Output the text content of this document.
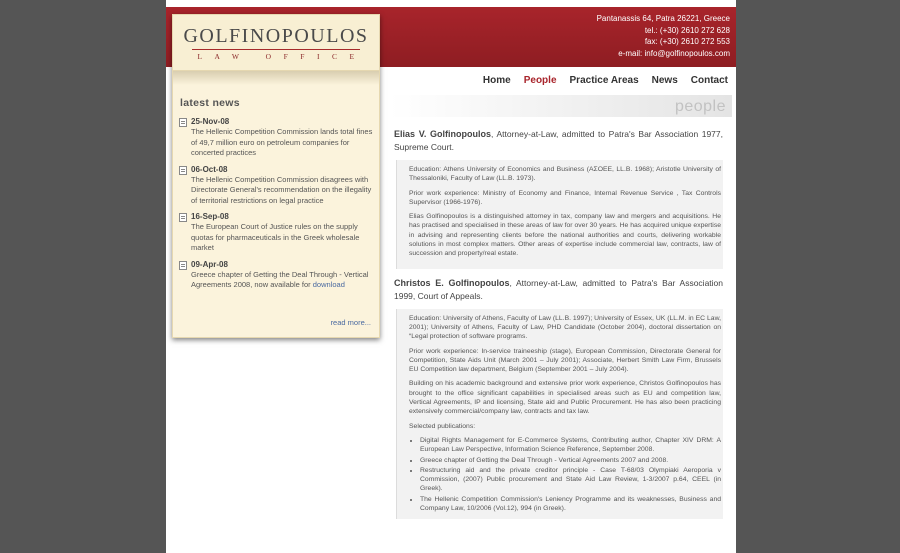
Pantanassis 64, Patra 26221, Greece
tel.: (+30) 2610 272 628
fax: (+30) 2610 272 553
e-mail: info@golfinopoulos.com
GOLFINOPOULOS
LAW OFFICE
latest news
25-Nov-08
The Hellenic Competition Commission lands total fines of 49,7 million euro on petroleum companies for concerted practices
06-Oct-08
The Hellenic Competition Commission disagrees with Directorate General's recommendation on the illegality of territorial restrictions on legal practice
16-Sep-08
The European Court of Justice rules on the supply quotas for pharmaceuticals in the Greek wholesale market
09-Apr-08
Greece chapter of Getting the Deal Through - Vertical Agreements 2008, now available for download
read more...
Home People Practice Areas News Contact
people

Elias V. Golfinopoulos, Attorney-at-Law, admitted to Patra's Bar Association 1977, Supreme Court.

Education: Athens University of Economics and Business (ΑΣΟΕΕ, LL.B. 1968); Aristotle University of Thessaloniki, Faculty of Law (LL.B. 1973).

Prior work experience: Ministry of Economy and Finance, Internal Revenue Service , Tax Controls Supervisor (1966-1976).

Elias Golfinopoulos is a distinguished attorney in tax, company law and mergers and acquisitions. He has practised and specialised in these areas of law for over 30 years. He has acquired unique expertise in advising and representing clients before the national authorities and courts, delivering workable solutions in most complex matters. Other areas of expertise include commercial law, contracts, law of succession and property/real estate.

Christos E. Golfinopoulos, Attorney-at-Law, admitted to Patra's Bar Association 1999, Court of Appeals.

Education: University of Athens, Faculty of Law (LL.B. 1997); University of Essex, UK (LL.M. in EC Law, 2001); University of Athens, Faculty of Law, PHD Candidate (October 2004), doctoral dissertation on “Legal protection of software programs.

Prior work experience: In-service traineeship (stage), European Commission, Directorate General for Competition, State Aids Unit (March 2001 – July 2001); Associate, Herbert Smith Law Firm, Brussels EU Competition law department, Belgium (September 2001 – July 2004).

Building on his academic background and extensive prior work experience, Christos Golfinopoulos has brought to the office significant capabilities in specialised areas such as EU and competition law, Vertical Agreements, IP and licensing, State aid and Public Procurement. He has also been practicing extensively commercial/company law, contracts and tax law.

Selected publications:

• Digital Rights Management for E-Commerce Systems, Contributing author, Chapter XIV DRM: A European Law Perspective, Information Science Reference, September 2008.
• Greece chapter of Getting the Deal Through - Vertical Agreements 2007 and 2008.
• Restructuring aid and the private creditor principle - Case T-68/03 Olympiaki Aeroporia v Commission, (2007) Public procurement and State Aid Law Review, 1-3/2007 p.64, CEEL (in Greek).
• The Hellenic Competition Commission's Leniency Programme and its weaknesses, Business and Company Law, 10/2006 (Vol.12), 994 (in Greek).
